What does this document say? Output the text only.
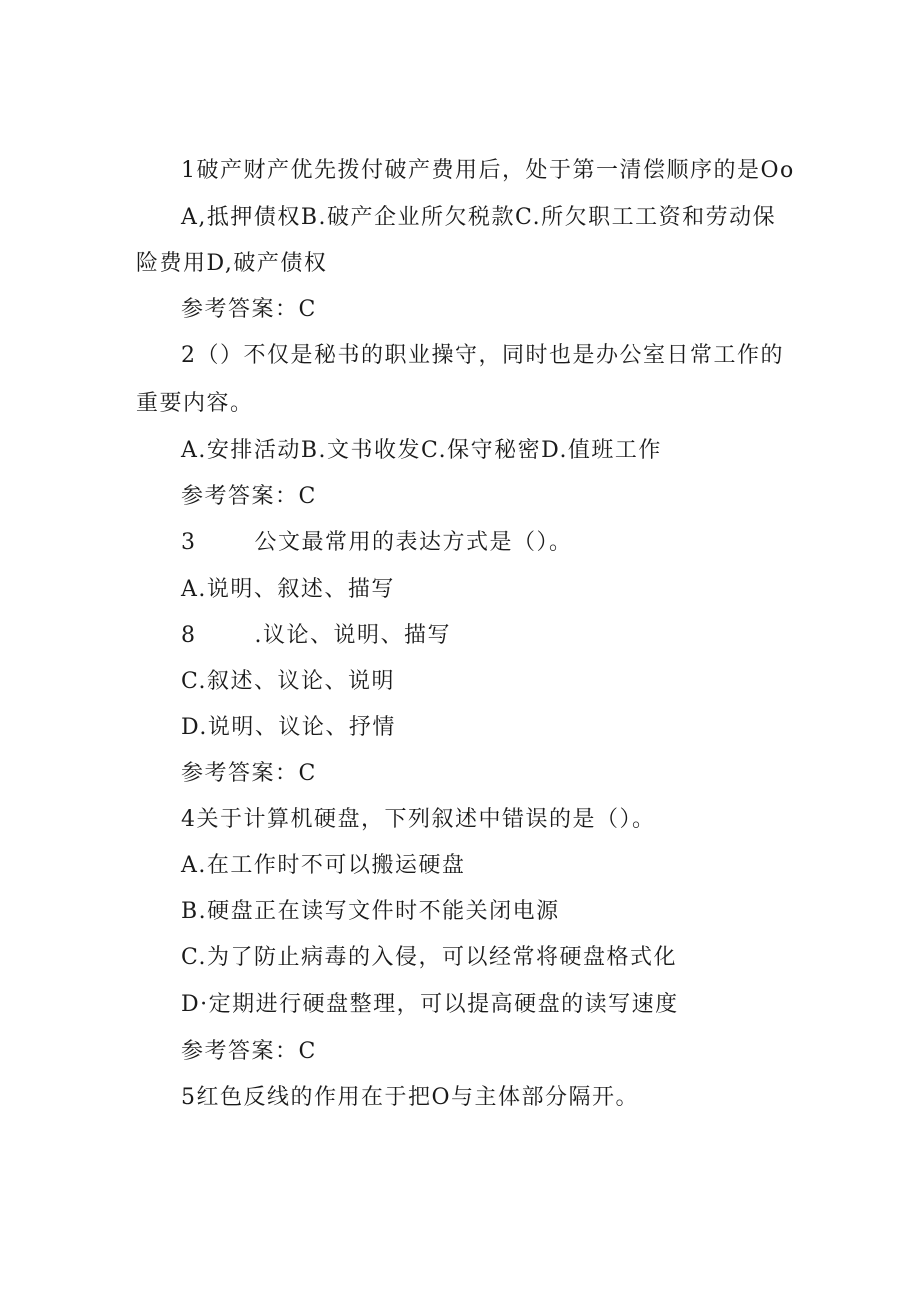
1破产财产优先拨付破产费用后，处于第一清偿顺序的是Oo
A,抵押债权B.破产企业所欠税款C.所欠职工工资和劳动保
险费用D,破产债权
参考答案：C
2（）不仅是秘书的职业操守，同时也是办公室日常工作的
重要内容。
A.安排活动B.文书收发C.保守秘密D.值班工作
参考答案：C
3	公文最常用的表达方式是（）。
A.说明、叙述、描写
8	.议论、说明、描写
C.叙述、议论、说明
D.说明、议论、抒情
参考答案：C
4关于计算机硬盘，下列叙述中错误的是（）。
A.在工作时不可以搬运硬盘
B.硬盘正在读写文件时不能关闭电源
C.为了防止病毒的入侵，可以经常将硬盘格式化
D·定期进行硬盘整理，可以提高硬盘的读写速度
参考答案：C
5红色反线的作用在于把O与主体部分隔开。
